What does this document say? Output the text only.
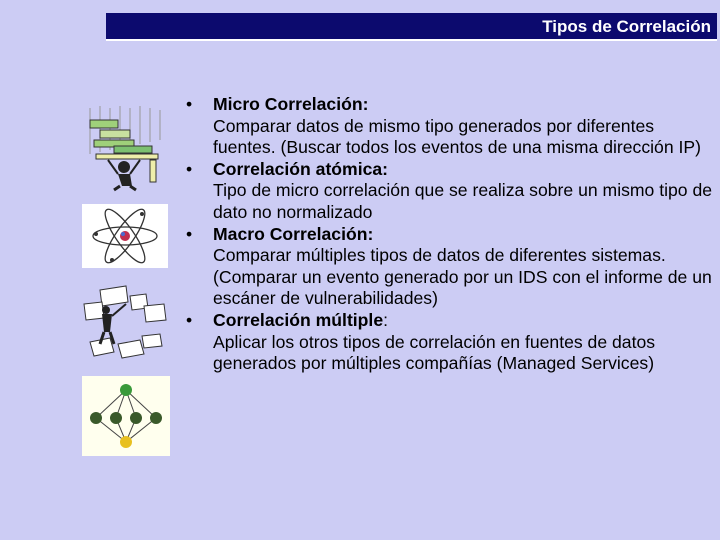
Tipos de Correlación
• Micro Correlación:
Comparar datos de mismo tipo generados por diferentes fuentes. (Buscar todos los eventos de una misma dirección IP)
• Correlación atómica:
Tipo de micro correlación que se realiza sobre un mismo tipo de dato no normalizado
• Macro Correlación:
Comparar múltiples tipos de datos de diferentes sistemas. (Comparar un evento generado por un IDS con el informe de un escáner de vulnerabilidades)
• Correlación múltiple:
Aplicar los otros tipos de correlación en fuentes de datos generados por múltiples compañías (Managed Services)
